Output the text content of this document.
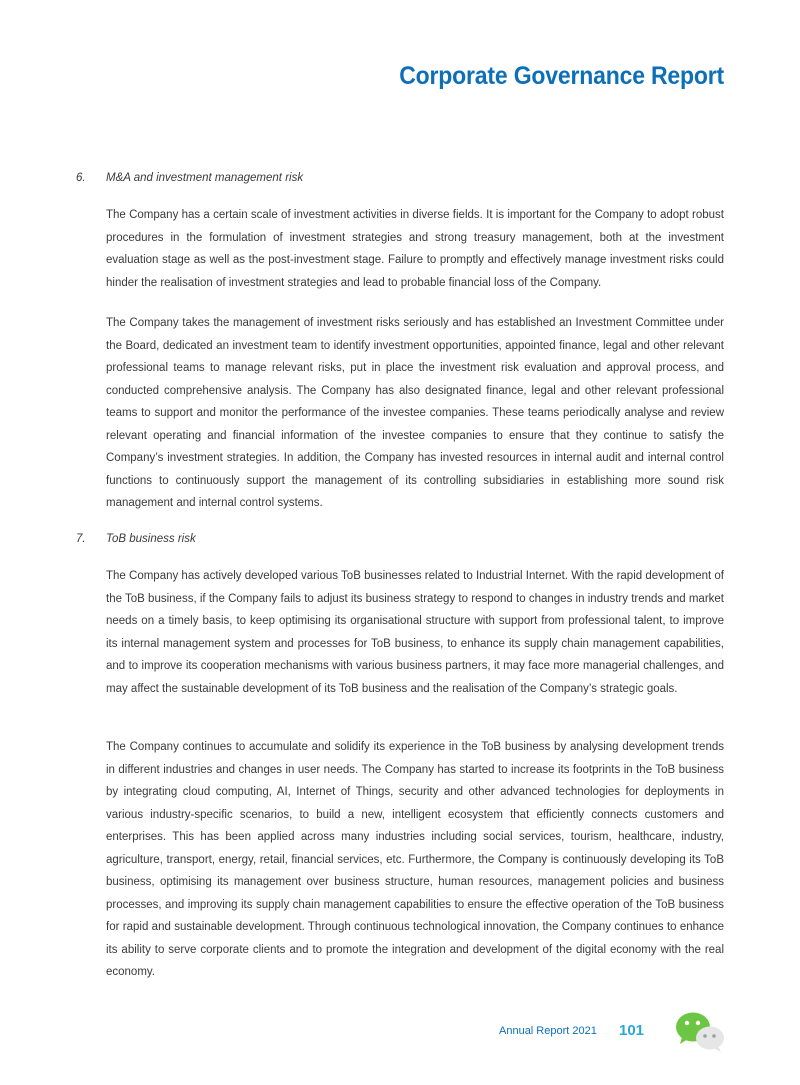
Corporate Governance Report
6. M&A and investment management risk

The Company has a certain scale of investment activities in diverse fields. It is important for the Company to adopt robust procedures in the formulation of investment strategies and strong treasury management, both at the investment evaluation stage as well as the post-investment stage. Failure to promptly and effectively manage investment risks could hinder the realisation of investment strategies and lead to probable financial loss of the Company.

The Company takes the management of investment risks seriously and has established an Investment Committee under the Board, dedicated an investment team to identify investment opportunities, appointed finance, legal and other relevant professional teams to manage relevant risks, put in place the investment risk evaluation and approval process, and conducted comprehensive analysis. The Company has also designated finance, legal and other relevant professional teams to support and monitor the performance of the investee companies. These teams periodically analyse and review relevant operating and financial information of the investee companies to ensure that they continue to satisfy the Company’s investment strategies. In addition, the Company has invested resources in internal audit and internal control functions to continuously support the management of its controlling subsidiaries in establishing more sound risk management and internal control systems.

7. ToB business risk

The Company has actively developed various ToB businesses related to Industrial Internet. With the rapid development of the ToB business, if the Company fails to adjust its business strategy to respond to changes in industry trends and market needs on a timely basis, to keep optimising its organisational structure with support from professional talent, to improve its internal management system and processes for ToB business, to enhance its supply chain management capabilities, and to improve its cooperation mechanisms with various business partners, it may face more managerial challenges, and may affect the sustainable development of its ToB business and the realisation of the Company’s strategic goals.

The Company continues to accumulate and solidify its experience in the ToB business by analysing development trends in different industries and changes in user needs. The Company has started to increase its footprints in the ToB business by integrating cloud computing, AI, Internet of Things, security and other advanced technologies for deployments in various industry-specific scenarios, to build a new, intelligent ecosystem that efficiently connects customers and enterprises. This has been applied across many industries including social services, tourism, healthcare, industry, agriculture, transport, energy, retail, financial services, etc. Furthermore, the Company is continuously developing its ToB business, optimising its management over business structure, human resources, management policies and business processes, and improving its supply chain management capabilities to ensure the effective operation of the ToB business for rapid and sustainable development. Through continuous technological innovation, the Company continues to enhance its ability to serve corporate clients and to promote the integration and development of the digital economy with the real economy.

Annual Report 2021 101
